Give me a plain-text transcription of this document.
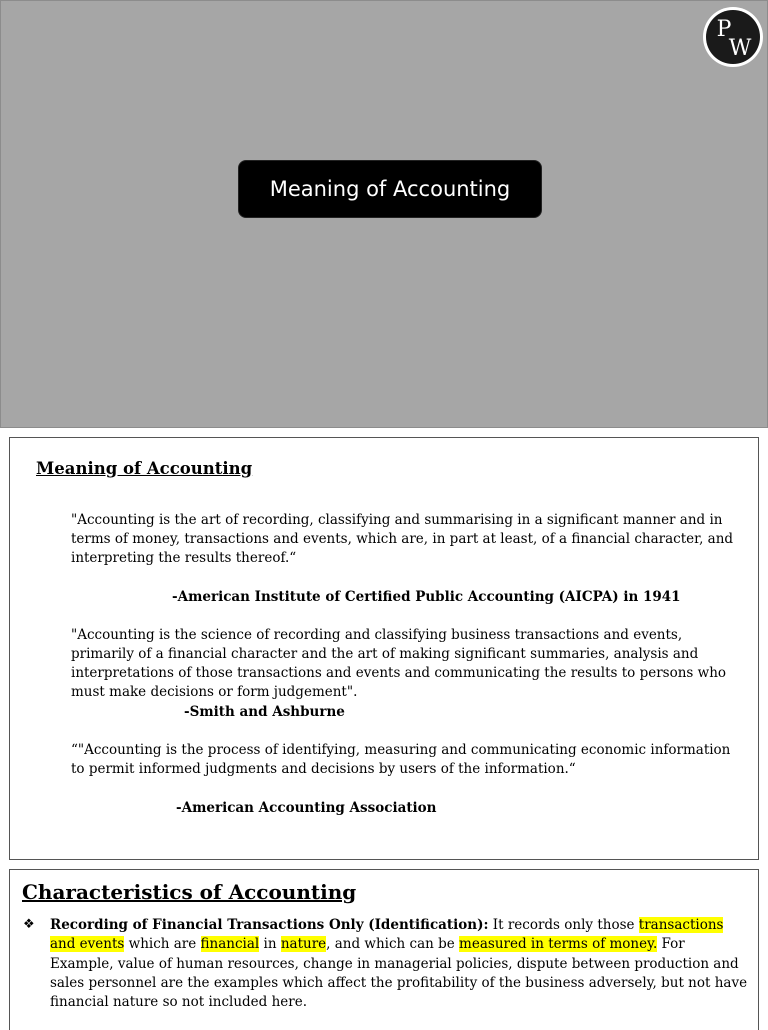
P
W
Meaning of Accounting
Meaning of Accounting
"Accounting is the art of recording, classifying and summarising in a significant manner and in terms of money, transactions and events, which are, in part at least, of a financial character, and interpreting the results thereof.“
-American Institute of Certified Public Accounting (AICPA) in 1941
"Accounting is the science of recording and classifying business transactions and events, primarily of a financial character and the art of making significant summaries, analysis and interpretations of those transactions and events and communicating the results to persons who must make decisions or form judgement".
-Smith and Ashburne
“"Accounting is the process of identifying, measuring and communicating economic information to permit informed judgments and decisions by users of the information.“
-American Accounting Association
Characteristics of Accounting
❖ Recording of Financial Transactions Only (Identification): It records only those transactions and events which are financial in nature, and which can be measured in terms of money. For Example, value of human resources, change in managerial policies, dispute between production and sales personnel are the examples which affect the profitability of the business adversely, but not have financial nature so not included here.
